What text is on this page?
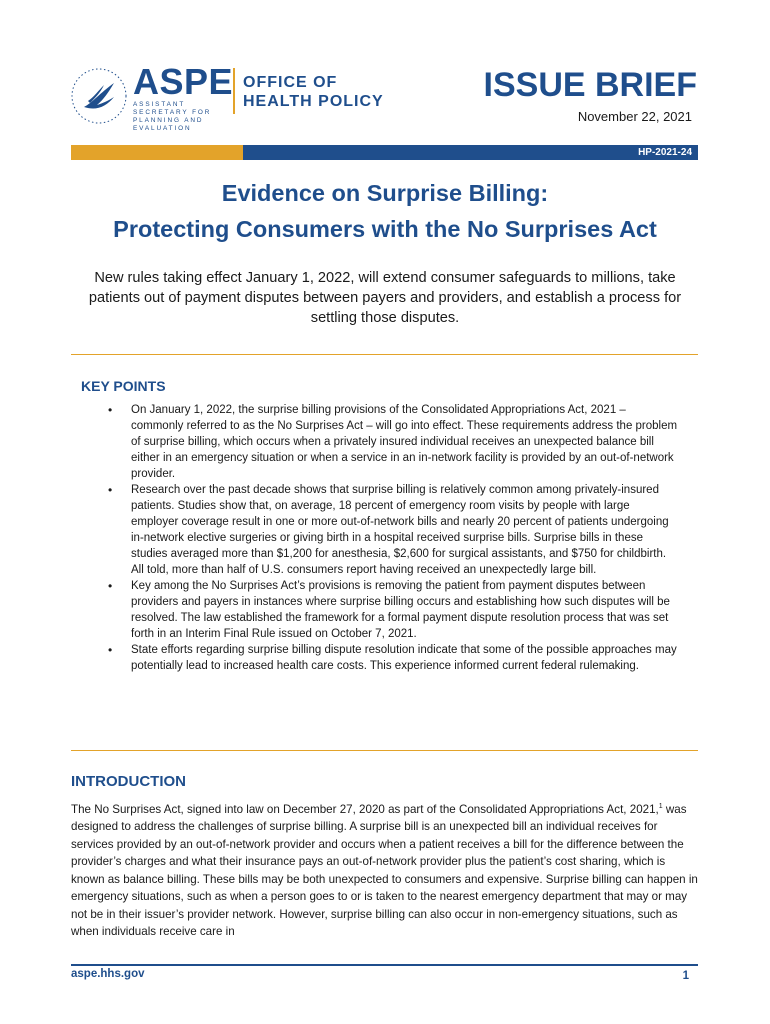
ASPE
ASSISTANT SECRETARY FOR PLANNING AND EVALUATION
OFFICE OF
HEALTH POLICY	ISSUE BRIEF
November 22, 2021
HP-2021-24
Evidence on Surprise Billing:
Protecting Consumers with the No Surprises Act
New rules taking effect January 1, 2022, will extend consumer safeguards to millions, take patients out of payment disputes between payers and providers, and establish a process for settling those disputes.
KEY POINTS
• On January 1, 2022, the surprise billing provisions of the Consolidated Appropriations Act, 2021 – commonly referred to as the No Surprises Act – will go into effect. These requirements address the problem of surprise billing, which occurs when a privately insured individual receives an unexpected balance bill either in an emergency situation or when a service in an in-network facility is provided by an out-of-network provider.
• Research over the past decade shows that surprise billing is relatively common among privately-insured patients. Studies show that, on average, 18 percent of emergency room visits by people with large employer coverage result in one or more out-of-network bills and nearly 20 percent of patients undergoing in-network elective surgeries or giving birth in a hospital received surprise bills. Surprise bills in these studies averaged more than $1,200 for anesthesia, $2,600 for surgical assistants, and $750 for childbirth. All told, more than half of U.S. consumers report having received an unexpectedly large bill.
• Key among the No Surprises Act’s provisions is removing the patient from payment disputes between providers and payers in instances where surprise billing occurs and establishing how such disputes will be resolved. The law established the framework for a formal payment dispute resolution process that was set forth in an Interim Final Rule issued on October 7, 2021.
• State efforts regarding surprise billing dispute resolution indicate that some of the possible approaches may potentially lead to increased health care costs. This experience informed current federal rulemaking.
INTRODUCTION

The No Surprises Act, signed into law on December 27, 2020 as part of the Consolidated Appropriations Act, 2021,$^1$ was designed to address the challenges of surprise billing. A surprise bill is an unexpected bill an individual receives for services provided by an out-of-network provider and occurs when a patient receives a bill for the difference between the provider’s charges and what their insurance pays an out-of-network provider plus the patient’s cost sharing, which is known as balance billing. These bills may be both unexpected to consumers and expensive. Surprise billing can happen in emergency situations, such as when a person goes to or is taken to the nearest emergency department that may or may not be in their issuer’s provider network. However, surprise billing can also occur in non-emergency situations, such as when individuals receive care in

aspe.hhs.gov	1
